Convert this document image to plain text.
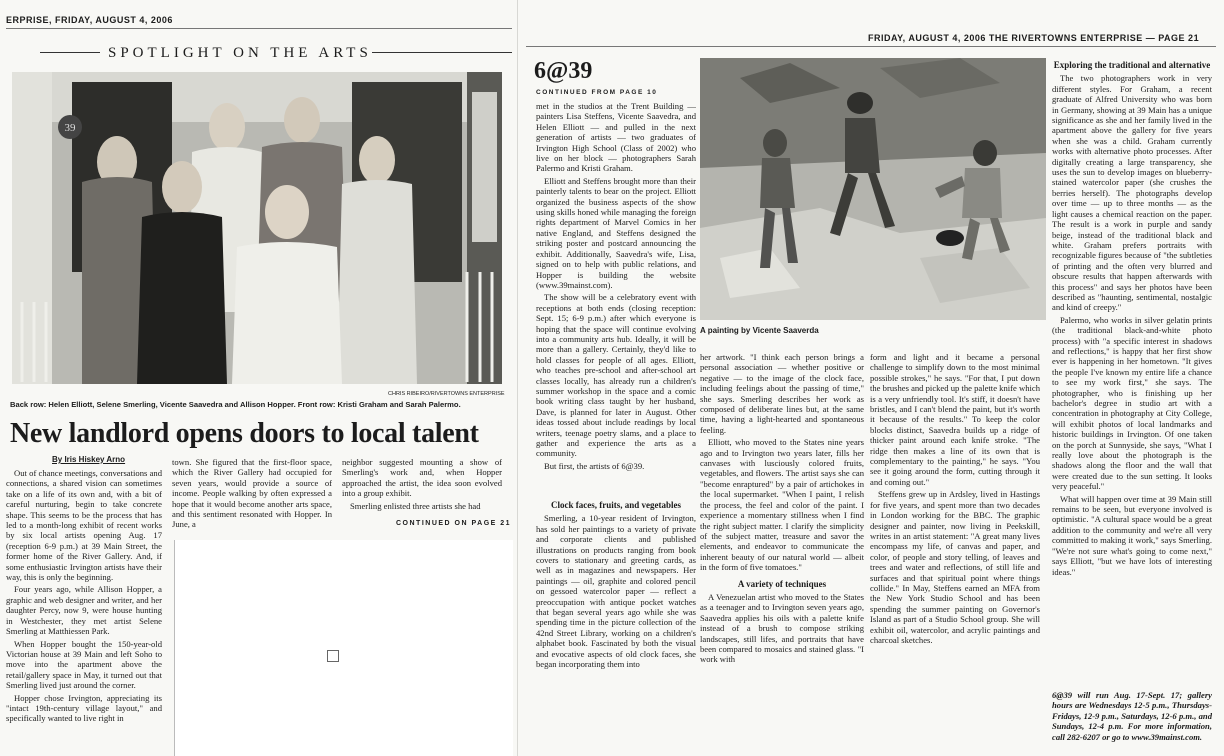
ERPRISE, FRIDAY, AUGUST 4, 2006
SPOTLIGHT ON THE ARTS
39
CHRIS RIBEIRO/RIVERTOWNS ENTERPRISE
Back row: Helen Elliott, Selene Smerling, Vicente Saavedra and Allison Hopper. Front row: Kristi Graham and Sarah Palermo.
New landlord opens doors to local talent
By Iris Hiskey Arno

Out of chance meetings, conversations and connections, a shared vision can sometimes take on a life of its own and, with a bit of careful nurturing, begin to take concrete shape. This seems to be the process that has led to a month-long exhibit of recent works by six local artists opening Aug. 17 (reception 6-9 p.m.) at 39 Main Street, the former home of the River Gallery. And, if some enthusiastic Irvington artists have their way, this is only the beginning.

Four years ago, while Allison Hopper, a graphic and web designer and writer, and her daughter Percy, now 9, were house hunting in Westchester, they met artist Selene Smerling at Matthiessen Park.

When Hopper bought the 150-year-old Victorian house at 39 Main and left Soho to move into the apartment above the retail/gallery space in May, it turned out that Smerling lived just around the corner.

Hopper chose Irvington, appreciating its "intact 19th-century village layout," and specifically wanted to live right in

town. She figured that the first-floor space, which the River Gallery had occupied for seven years, would provide a source of income. People walking by often expressed a hope that it would become another arts space, and this sentiment resonated with Hopper. In June, a

neighbor suggested mounting a show of Smerling's work and, when Hopper approached the artist, the idea soon evolved into a group exhibit.

Smerling enlisted three artists she had

CONTINUED ON PAGE 21
FRIDAY, AUGUST 4, 2006 THE RIVERTOWNS ENTERPRISE — PAGE 21
6@39
CONTINUED FROM PAGE 10

met in the studios at the Trent Building — painters Lisa Steffens, Vicente Saavedra, and Helen Elliott — and pulled in the next generation of artists — two graduates of Irvington High School (Class of 2002) who live on her block — photographers Sarah Palermo and Kristi Graham.

Elliott and Steffens brought more than their painterly talents to bear on the project. Elliott organized the business aspects of the show using skills honed while managing the foreign rights department of Marvel Comics in her native England, and Steffens designed the striking poster and postcard announcing the exhibit. Additionally, Saavedra's wife, Lisa, signed on to help with public relations, and Hopper is building the website (www.39mainst.com).

The show will be a celebratory event with receptions at both ends (closing reception: Sept. 15; 6-9 p.m.) after which everyone is hoping that the space will continue evolving into a community arts hub. Ideally, it will be more than a gallery. Certainly, they'd like to hold classes for people of all ages. Elliott, who teaches pre-school and after-school art classes locally, has already run a children's summer workshop in the space and a comic book writing class taught by her husband, Dave, is planned for later in August. Other ideas tossed about include readings by local writers, teenage poetry slams, and a place to gather and experience the arts as a community.

But first, the artists of 6@39.

Clock faces, fruits, and vegetables

Smerling, a 10-year resident of Irvington, has sold her paintings to a variety of private and corporate clients and published illustrations on products ranging from book covers to stationary and greeting cards, as well as in magazines and newspapers. Her paintings — oil, graphite and colored pencil on gessoed watercolor paper — reflect a preoccupation with antique pocket watches that began several years ago while she was spending time in the picture collection of the 42nd Street Library, working on a children's alphabet book. Fascinated by both the visual and evocative aspects of old clock faces, she began incorporating them into

A painting by Vicente Saaverda

her artwork. "I think each person brings a personal association — whether positive or negative — to the image of the clock face, including feelings about the passing of time," she says. Smerling describes her work as composed of deliberate lines but, at the same time, having a light-hearted and spontaneous feeling.

Elliott, who moved to the States nine years ago and to Irvington two years later, fills her canvases with lusciously colored fruits, vegetables, and flowers. The artist says she can "become enraptured" by a pair of artichokes in the local supermarket. "When I paint, I relish the process, the feel and color of the paint. I experience a momentary stillness when I find the right subject matter. I clarify the simplicity of the subject matter, treasure and savor the elements, and endeavor to communicate the inherent beauty of our natural world — albeit in the form of five tomatoes."

A variety of techniques

A Venezuelan artist who moved to the States as a teenager and to Irvington seven years ago, Saavedra applies his oils with a palette knife instead of a brush to compose striking landscapes, still lifes, and portraits that have been compared to mosaics and stained glass. "I work with

form and light and it became a personal challenge to simplify down to the most minimal possible strokes," he says. "For that, I put down the brushes and picked up the palette knife which is a very unfriendly tool. It's stiff, it doesn't have bristles, and I can't blend the paint, but it's worth it because of the results." To keep the color blocks distinct, Saavedra builds up a ridge of thicker paint around each knife stroke. "The ridge then makes a line of its own that is complementary to the painting," he says. "You see it going around the form, cutting through it and coming out."

Steffens grew up in Ardsley, lived in Hastings for five years, and spent more than two decades in London working for the BBC. The graphic designer and painter, now living in Peekskill, writes in an artist statement: "A great many lives encompass my life, of canvas and paper, and color, of people and story telling, of leaves and trees and water and reflections, of still life and surfaces and that spiritual point where things collide." In May, Steffens earned an MFA from the New York Studio School and has been spending the summer painting on Governor's Island as part of a Studio School group. She will exhibit oil, watercolor, and acrylic paintings and charcoal sketches.

Exploring the traditional and alternative

The two photographers work in very different styles. For Graham, a recent graduate of Alfred University who was born in Germany, showing at 39 Main has a unique significance as she and her family lived in the apartment above the gallery for five years when she was a child. Graham currently works with alternative photo processes. After digitally creating a large transparency, she uses the sun to develop images on blueberry-stained watercolor paper (she crushes the berries herself). The photographs develop over time — up to three months — as the light causes a chemical reaction on the paper. The result is a work in purple and sandy beige, instead of the traditional black and white. Graham prefers portraits with recognizable figures because of "the subtleties of printing and the often very blurred and obscure results that happen afterwards with this process" and says her photos have been described as "haunting, sentimental, nostalgic and kind of creepy."

Palermo, who works in silver gelatin prints (the traditional black-and-white photo process) with "a specific interest in shadows and reflections," is happy that her first show ever is happening in her hometown. "It gives the people I've known my entire life a chance to see my work first," she says. The photographer, who is finishing up her bachelor's degree in studio art with a concentration in photography at City College, will exhibit photos of local landmarks and historic buildings in Irvington. Of one taken on the porch at Sunnyside, she says, "What I really love about the photograph is the shadows along the floor and the wall that were created due to the sun setting. It looks very peaceful."

What will happen over time at 39 Main still remains to be seen, but everyone involved is optimistic. "A cultural space would be a great addition to the community and we're all very committed to making it work," says Smerling. "We're not sure what's going to come next," says Elliott, "but we have lots of interesting ideas."

6@39 will run Aug. 17-Sept. 17; gallery hours are Wednesdays 12-5 p.m., Thursdays-Fridays, 12-9 p.m., Saturdays, 12-6 p.m., and Sundays, 12-4 p.m. For more information, call 282-6207 or go to www.39mainst.com.
